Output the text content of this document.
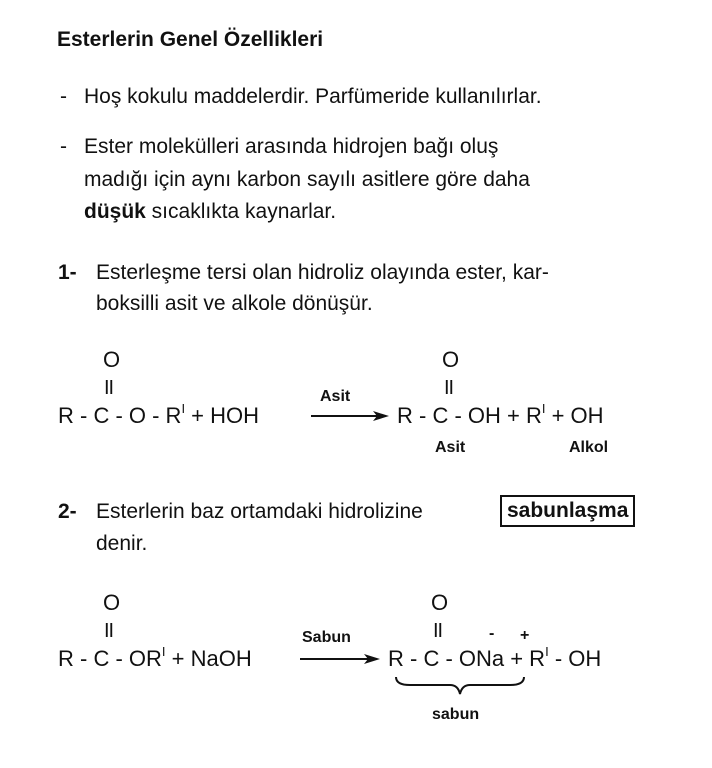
Esterlerin Genel Özellikleri
- Hoş kokulu maddelerdir. Parfümeride kullanılırlar.
- Ester molekülleri arasında hidrojen bağı oluş
madığı için aynı karbon sayılı asitlere göre daha
düşük sıcaklıkta kaynarlar.
1- Esterleşme tersi olan hidroliz olayında ester, kar-
boksilli asit ve alkole dönüşür.
O
II
R - C - O - $R^I$ + HOH
Asit
O
II
R - C - OH + $R^I$ + OH
Asit	Alkol
2- Esterlerin baz ortamdaki hidrolizine	sabunlaşma
denir.
O
II
R - C - $OR^I$ + NaOH
Sabun
O
II	- +
R - C - ONa + $R^I$ - OH
sabun
